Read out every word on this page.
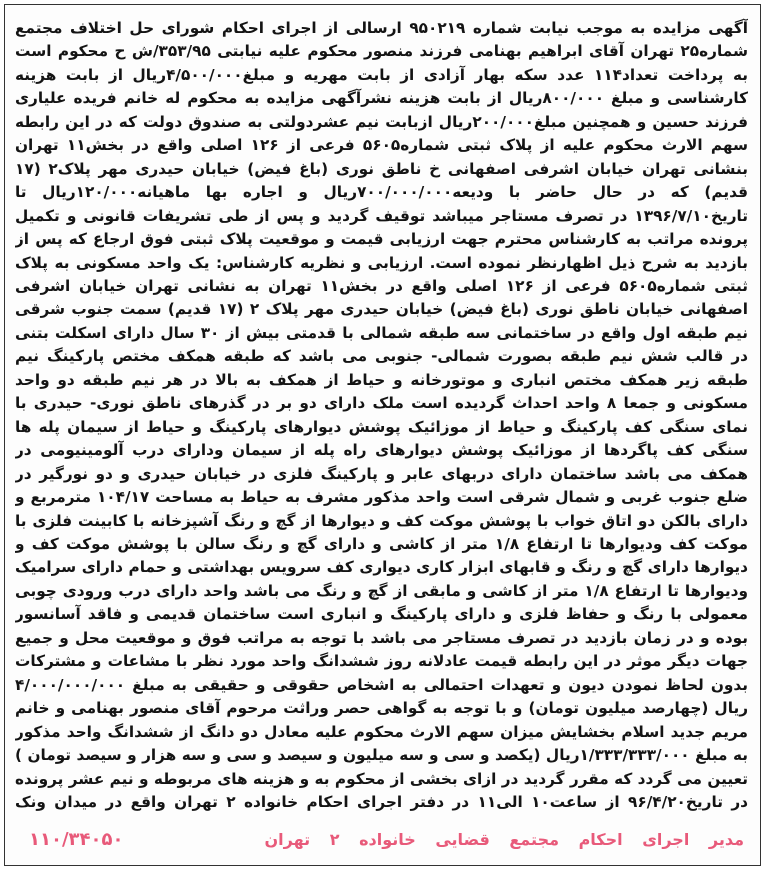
آگهی مزایده به موجب نیابت شماره ۹۵۰۲۱۹ ارسالی از اجرای احکام شورای حل اختلاف مجتمع شماره۲۵ تهران آقای ابراهیم بهنامی فرزند منصور محکوم علیه نیابتی ۳۵۳/۹۵/ش ح محکوم است به پرداخت تعداد۱۱۴ عدد سکه بهار آزادی از بابت مهریه و مبلغ۴/۵۰۰/۰۰۰ریال از بابت هزینه کارشناسی و مبلغ ۸۰۰/۰۰۰ریال از بابت هزینه نشرآگهی مزایده به محکوم له خانم فریده علیاری فرزند حسین و همچنین مبلغ۲۰۰/۰۰۰ریال ازبابت نیم عشردولتی به صندوق دولت که در این رابطه سهم الارث محکوم علیه از پلاک ثبتی شماره۵۶۰۵ فرعی از ۱۲۶ اصلی واقع در بخش۱۱ تهران بنشانی تهران خیابان اشرفی اصفهانی خ ناطق نوری (باغ فیض) خیابان حیدری مهر پلاک۲ (۱۷ قدیم) که در حال حاضر با ودیعه۷۰۰/۰۰۰/۰۰۰ریال و اجاره بها ماهیانه۱۲۰/۰۰۰ریال تا تاریخ۱۳۹۶/۷/۱۰ در تصرف مستاجر میباشد توقیف گردید و پس از طی تشریفات قانونی و تکمیل پرونده مراتب به کارشناس محترم جهت ارزیابی قیمت و موقعیت پلاک ثبتی فوق ارجاع که پس از بازدید به شرح ذیل اظهارنظر نموده است. ارزیابی و نظریه کارشناس: یک واحد مسکونی به پلاک ثبتی شماره۵۶۰۵ فرعی از ۱۲۶ اصلی واقع در بخش۱۱ تهران به نشانی تهران خیابان اشرفی اصفهانی خیابان ناطق نوری (باغ فیض) خیابان حیدری مهر پلاک ۲ (۱۷ قدیم) سمت جنوب شرقی نیم طبقه اول واقع در ساختمانی سه طبقه شمالی با قدمتی بیش از ۳۰ سال دارای اسکلت بتنی در قالب شش نیم طبقه بصورت شمالی- جنوبی می باشد که طبقه همکف مختص پارکینگ نیم طبقه زیر همکف مختص انباری و موتورخانه و حیاط از همکف به بالا در هر نیم طبقه دو واحد مسکونی و جمعا ۸ واحد احداث گردیده است ملک دارای دو بر در گذرهای ناطق نوری- حیدری با نمای سنگی کف پارکینگ و حیاط از موزائیک پوشش دیوارهای پارکینگ و حیاط از سیمان پله ها سنگی کف پاگردها از موزائیک پوشش دیوارهای راه پله از سیمان ودارای درب آلومینیومی در همکف می باشد ساختمان دارای دربهای عابر و پارکینگ فلزی در خیابان حیدری و دو نورگیر در ضلع جنوب غربی و شمال شرقی است واحد مذکور مشرف به حیاط به مساحت ۱۰۴/۱۷ مترمربع و دارای بالکن دو اتاق خواب با پوشش موکت کف و دیوارها از گچ و رنگ آشپزخانه با کابینت فلزی با موکت کف ودیوارها تا ارتفاع ۱/۸ متر از کاشی و دارای گچ و رنگ سالن با پوشش موکت کف و دیوارها دارای گچ و رنگ و قابهای ابزار کاری دیواری کف سرویس بهداشتی و حمام دارای سرامیک ودیوارها تا ارتفاع ۱/۸ متر از کاشی و مابقی از گچ و رنگ می باشد واحد دارای درب ورودی چوبی معمولی با رنگ و حفاظ فلزی و دارای پارکینگ و انباری است ساختمان قدیمی و فاقد آسانسور بوده و در زمان بازدید در تصرف مستاجر می باشد با توجه به مراتب فوق و موقعیت محل و جمیع جهات دیگر موثر در این رابطه قیمت عادلانه روز ششدانگ واحد مورد نظر با مشاعات و مشترکات بدون لحاظ نمودن دیون و تعهدات احتمالی به اشخاص حقوقی و حقیقی به مبلغ ۴/۰۰۰/۰۰۰/۰۰۰ ریال (چهارصد میلیون تومان) و با توجه به گواهی حصر وراثت مرحوم آقای منصور بهنامی و خانم مریم جدید اسلام بخشایش میزان سهم الارث محکوم علیه معادل دو دانگ از ششدانگ واحد مذکور به مبلغ ۱/۳۳۳/۳۳۳/۰۰۰ریال (یکصد و سی و سه میلیون و سیصد و سی و سه هزار و سیصد تومان ) تعیین می گردد که مقرر گردید در ازای بخشی از محکوم به و هزینه های مربوطه و نیم عشر پرونده در تاریخ۹۶/۴/۲۰ از ساعت۱۰ الی۱۱ در دفتر اجرای احکام خانواده ۲ تهران واقع در میدان ونک
مدیر اجرای احکام مجتمع قضایی خانواده ۲ تهران
۱۱۰/۳۴۰۵۰
